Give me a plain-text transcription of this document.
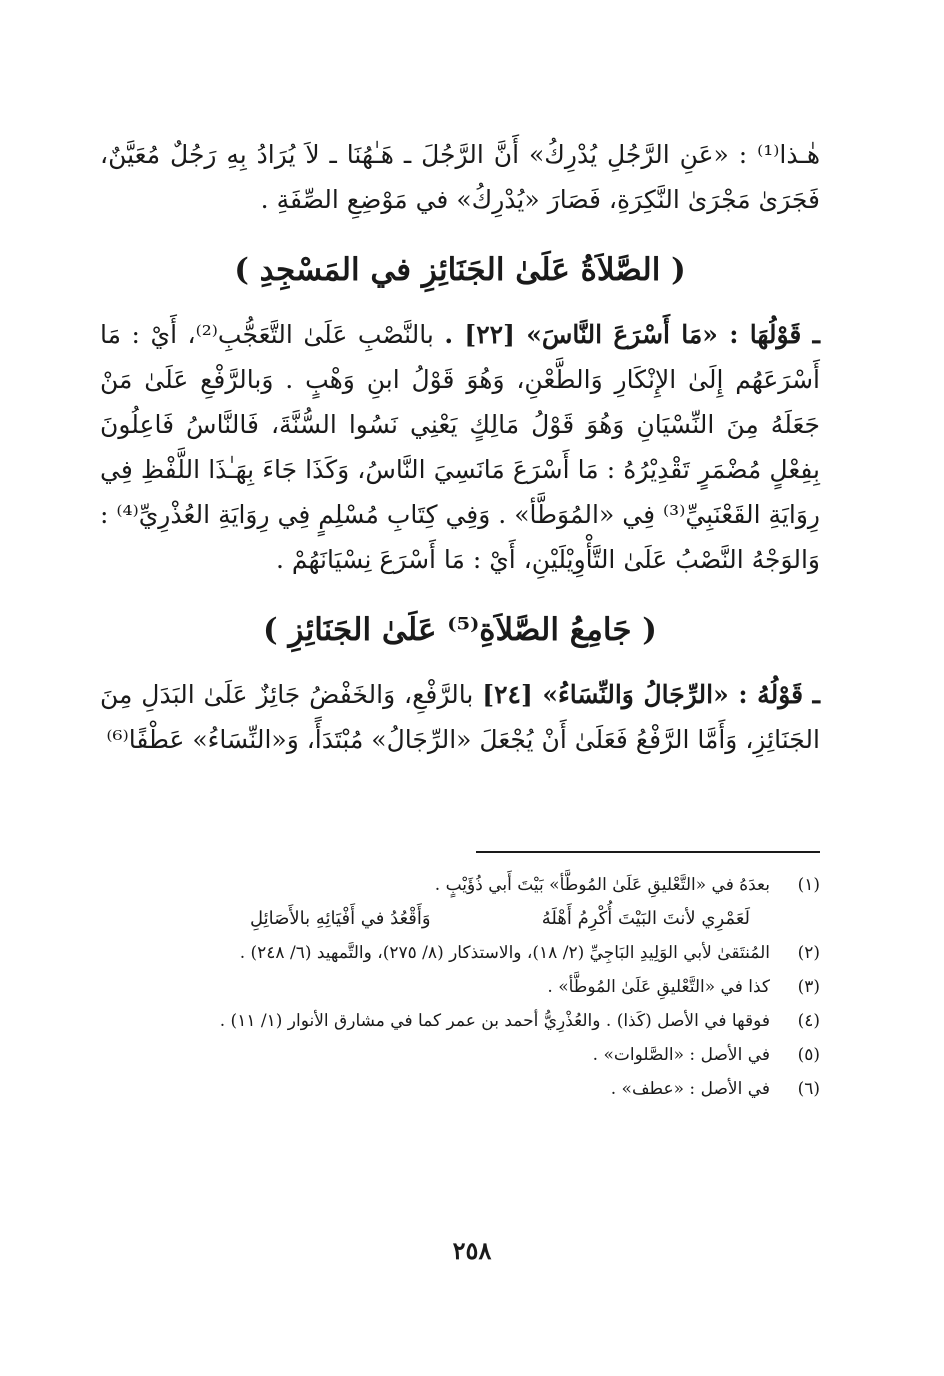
هٰـذا⁽¹⁾ : «عَنِ الرَّجُلِ يُدْرِكُ» أَنَّ الرَّجُلَ ـ هَـٰهُنَا ـ لاَ يُرَادُ بِهِ رَجُلٌ مُعَيَّنٌ، فَجَرَىٰ مَجْرَىٰ النَّكِرَةِ، فَصَارَ «يُدْرِكُ» في مَوْضِعِ الصِّفَةِ .

( الصَّلاَةُ عَلَىٰ الجَنَائِزِ في المَسْجِدِ )

ـ قَوْلُهَا : «مَا أَسْرَعَ النَّاسَ» [٢٢] . بالنَّصْبِ عَلَىٰ التَّعَجُّبِ⁽²⁾، أَيْ : مَا أَسْرَعَهُم إِلَىٰ الإِنْكَارِ وَالطَّعْنِ، وَهُوَ قَوْلُ ابنِ وَهْبٍ . وَبالرَّفْعِ عَلَىٰ مَنْ جَعَلَهُ مِنَ النِّسْيَانِ وَهُوَ قَوْلُ مَالِكٍ يَعْنِي نَسُوا السُّنَّةَ، فَالنَّاسُ فَاعِلُونَ بِفِعْلٍ مُضْمَرٍ تَقْدِيْرُهُ : مَا أَسْرَعَ مَانَسِيَ النَّاسُ، وَكَذَا جَاءَ بِهَـٰذَا اللَّفْظِ فِي رِوَايَةِ القَعْنَبِيِّ⁽³⁾ فِي «المُوَطَّأ» . وَفِي كِتَابِ مُسْلِمٍ فِي رِوَايَةِ العُذْرِيِّ⁽⁴⁾ : وَالوَجْهُ النَّصْبُ عَلَىٰ التَّأْوِيْلَيْنِ، أَيْ : مَا أَسْرَعَ نِسْيَانَهُمْ .

( جَامِعُ الصَّلاَةِ⁽⁵⁾ عَلَىٰ الجَنَائِزِ )

ـ قَوْلُهُ : «الرِّجَالُ وَالنِّسَاءُ» [٢٤] بالرَّفْعِ، وَالخَفْضُ جَائِزٌ عَلَىٰ البَدَلِ مِنَ الجَنَائِزِ، وَأَمَّا الرَّفْعُ فَعَلَىٰ أَنْ يُجْعَلَ «الرِّجَالُ» مُبْتَدَأً، وَ«النِّسَاءُ» عَطْفًا⁽⁶⁾

(١)
بعدَهُ في «التَّعْليقِ عَلَىٰ المُوطَّأ» بَيْتَ أَبي ذُؤَيْبٍ .
لَعَمْرِي لأنتَ البَيْتَ أُكْرِمُ أَهْلَهُ
وَأَقْعُدُ في أَفْيَائِهِ بالأَصَائِلِ
(٢)
المُنتَقىٰ لأبي الوَلِيدِ البَاجِيِّ (٢/ ١٨)، والاستذكار (٨/ ٢٧٥)، والتَّمهيد (٦/ ٢٤٨) .
(٣)
كذا في «التَّعْليقِ عَلَىٰ المُوطَّأ» .
(٤)
فوقها في الأصل (كَذا) . والعُذْرِيُّ أحمد بن عمر كما في مشارق الأنوار (١/ ١١) .
(٥)
في الأصل : «الصَّلوات» .
(٦)
في الأصل : «عطف» .
٢٥٨
